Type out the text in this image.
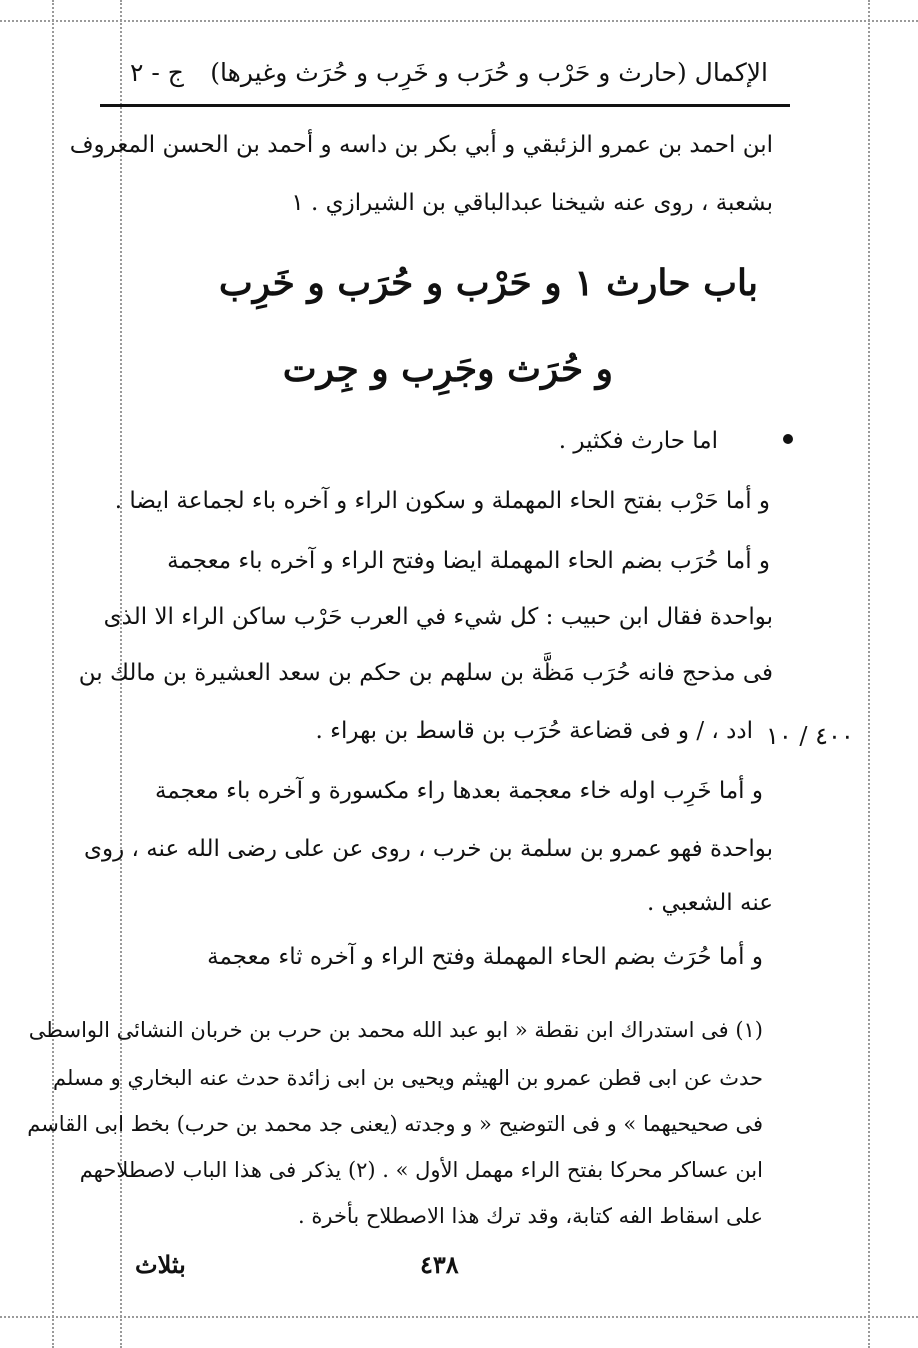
الإكمال (حارث و حَرْب و حُرَب و خَرِب و حُرَث وغيرها)
ج - ٢
ابن احمد بن عمرو الزئبقي و أبي بكر بن داسه و أحمد بن الحسن المعروف
بشعبة ، روى عنه شيخنا عبدالباقي بن الشيرازي . ١
باب حارث ١ و حَرْب و حُرَب و خَرِب
و حُرَث وجَرِب و جِرت
اما حارث فكثير .
و أما حَرْب بفتح الحاء المهملة و سكون الراء و آخره باء لجماعة ايضا .
و أما حُرَب بضم الحاء المهملة ايضا وفتح الراء و آخره باء معجمة
بواحدة فقال ابن حبيب : كل شيء في العرب حَرْب ساكن الراء الا الذى
فى مذحج فانه حُرَب مَظَّة بن سلهم بن حكم بن سعد العشيرة بن مالك بن
ادد ، / و فى قضاعة حُرَب بن قاسط بن بهراء . ٤٠٠ / ١٠
و أما خَرِب اوله خاء معجمة بعدها راء مكسورة و آخره باء معجمة
بواحدة فهو عمرو بن سلمة بن خرب ، روى عن على رضى الله عنه ، روى
عنه الشعبي .
و أما حُرَث بضم الحاء المهملة وفتح الراء و آخره ثاء معجمة
(١) فى استدراك ابن نقطة « ابو عبد الله محمد بن حرب بن خربان النشائى الواسطى
حدث عن ابى قطن عمرو بن الهيثم ويحيى بن ابى زائدة حدث عنه البخاري و مسلم
فى صحيحيهما » و فى التوضيح « و وجدته (يعنى جد محمد بن حرب) بخط ابى القاسم
ابن عساكر محركا بفتح الراء مهمل الأول » . (٢) يذكر فى هذا الباب لاصطلاحهم
على اسقاط الفه كتابة، وقد ترك هذا الاصطلاح بأخرة .
٤٣٨
بثلاث
